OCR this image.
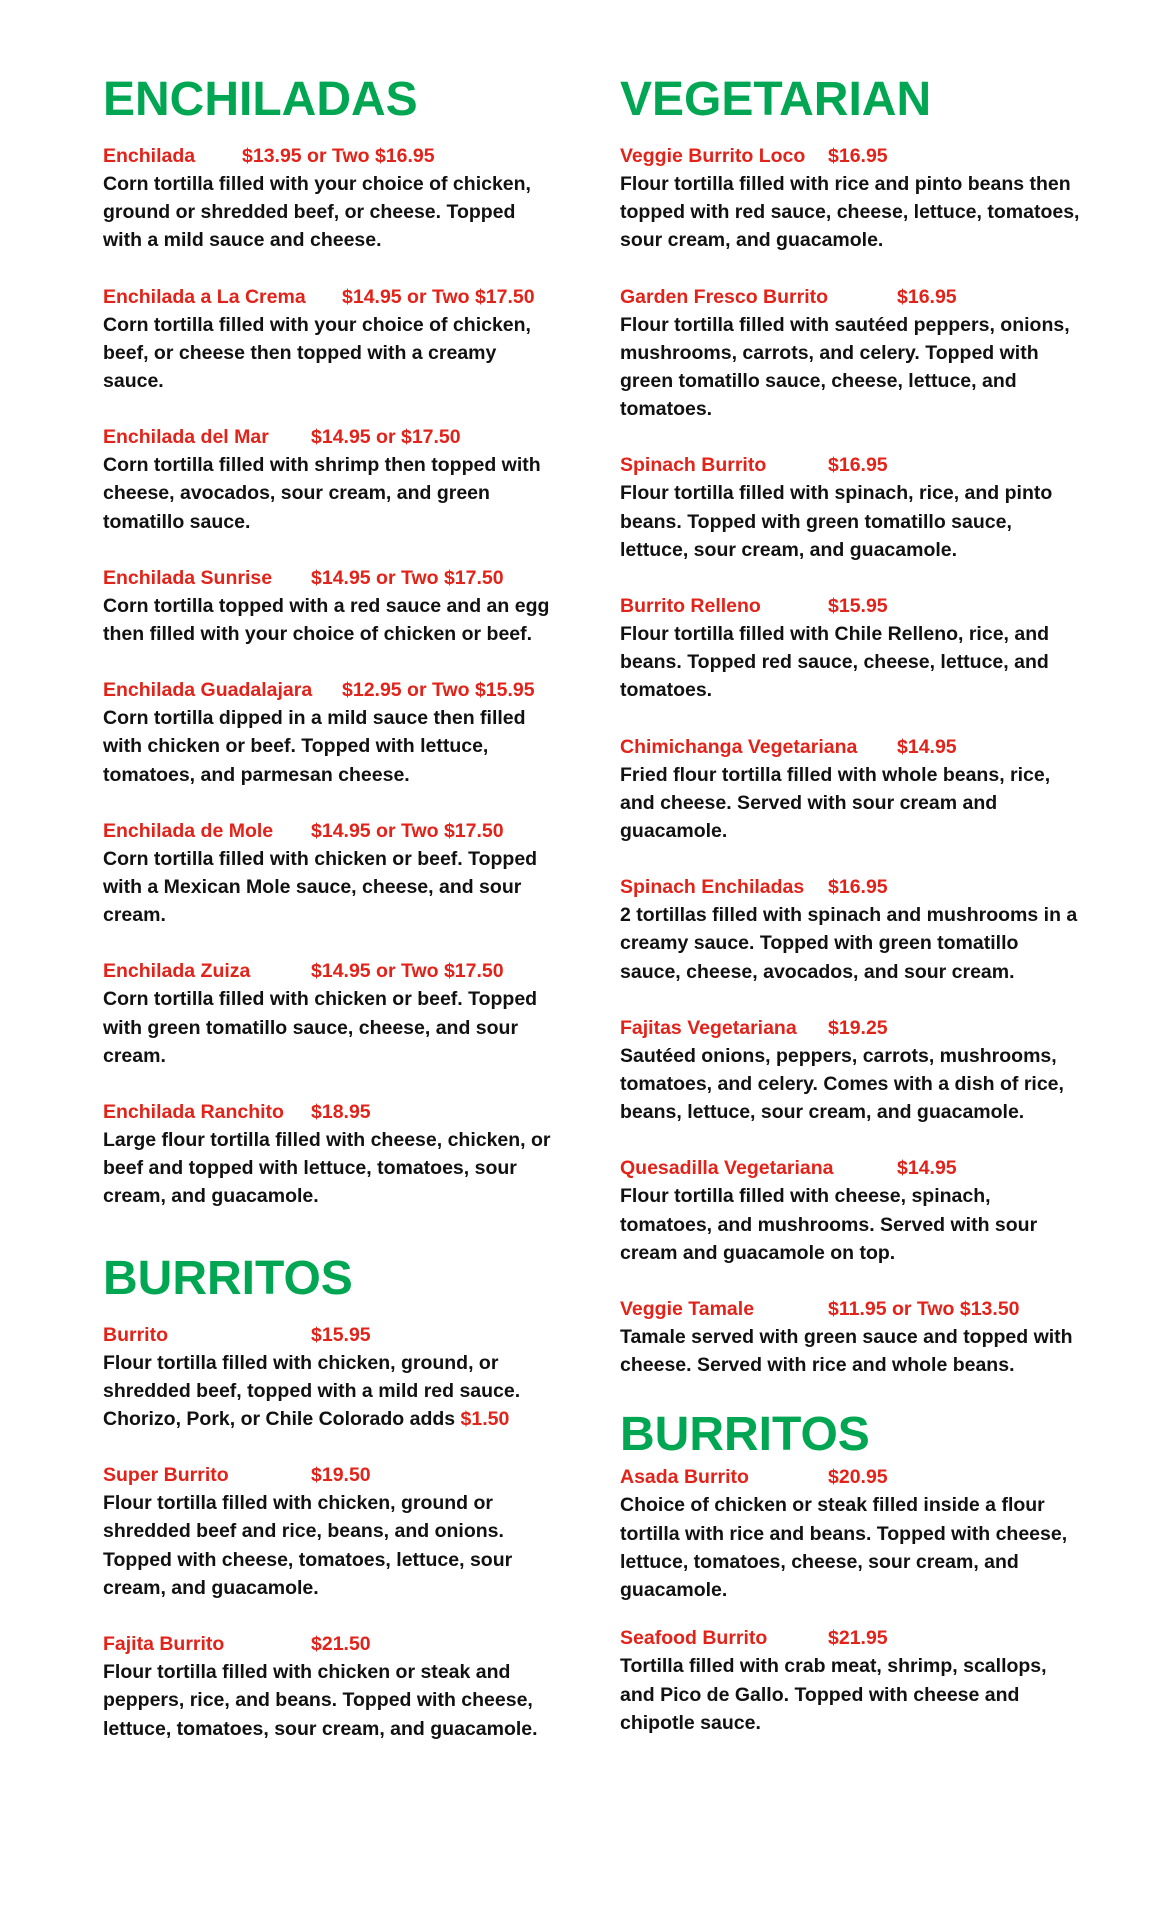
ENCHILADAS
Enchilada $13.95 or Two $16.95

Corn tortilla filled with your choice of chicken, ground or shredded beef, or cheese. Topped with a mild sauce and cheese.

Enchilada a La Crema $14.95 or Two $17.50

Corn tortilla filled with your choice of chicken, beef, or cheese then topped with a creamy sauce.

Enchilada del Mar $14.95 or $17.50

Corn tortilla filled with shrimp then topped with cheese, avocados, sour cream, and green tomatillo sauce.

Enchilada Sunrise $14.95 or Two $17.50

Corn tortilla topped with a red sauce and an egg then filled with your choice of chicken or beef.

Enchilada Guadalajara $12.95 or Two $15.95

Corn tortilla dipped in a mild sauce then filled with chicken or beef. Topped with lettuce, tomatoes, and parmesan cheese.

Enchilada de Mole $14.95 or Two $17.50

Corn tortilla filled with chicken or beef. Topped with a Mexican Mole sauce, cheese, and sour cream.

Enchilada Zuiza	$14.95 or Two $17.50

Corn tortilla filled with chicken or beef. Topped with green tomatillo sauce, cheese, and sour cream.

Enchilada Ranchito $18.95

Large flour tortilla filled with cheese, chicken, or beef and topped with lettuce, tomatoes, sour cream, and guacamole.

BURRITOS
Burrito	$15.95

Flour tortilla filled with chicken, ground, or shredded beef, topped with a mild red sauce. Chorizo, Pork, or Chile Colorado adds $1.50

Super Burrito	$19.50

Flour tortilla filled with chicken, ground or shredded beef and rice, beans, and onions. Topped with cheese, tomatoes, lettuce, sour cream, and guacamole.

Fajita Burrito	$21.50

Flour tortilla filled with chicken or steak and peppers, rice, and beans. Topped with cheese, lettuce, tomatoes, sour cream, and guacamole.

VEGETARIAN
Veggie Burrito Loco $16.95

Flour tortilla filled with rice and pinto beans then topped with red sauce, cheese, lettuce, tomatoes, sour cream, and guacamole.

Garden Fresco Burrito	$16.95

Flour tortilla filled with sautéed peppers, onions, mushrooms, carrots, and celery. Topped with green tomatillo sauce, cheese, lettuce, and tomatoes.

Spinach Burrito	$16.95

Flour tortilla filled with spinach, rice, and pinto beans. Topped with green tomatillo sauce, lettuce, sour cream, and guacamole.

Burrito Relleno	$15.95

Flour tortilla filled with Chile Relleno, rice, and beans. Topped red sauce, cheese, lettuce, and tomatoes.

Chimichanga Vegetariana $14.95

Fried flour tortilla filled with whole beans, rice, and cheese. Served with sour cream and guacamole.

Spinach Enchiladas $16.95

2 tortillas filled with spinach and mushrooms in a creamy sauce. Topped with green tomatillo sauce, cheese, avocados, and sour cream.

Fajitas Vegetariana $19.25

Sautéed onions, peppers, carrots, mushrooms, tomatoes, and celery. Comes with a dish of rice, beans, lettuce, sour cream, and guacamole.

Quesadilla Vegetariana	$14.95

Flour tortilla filled with cheese, spinach, tomatoes, and mushrooms. Served with sour cream and guacamole on top.

Veggie Tamale	$11.95 or Two $13.50

Tamale served with green sauce and topped with cheese. Served with rice and whole beans.

BURRITOS
Asada Burrito	$20.95

Choice of chicken or steak filled inside a flour tortilla with rice and beans. Topped with cheese, lettuce, tomatoes, cheese, sour cream, and guacamole.

Seafood Burrito	$21.95

Tortilla filled with crab meat, shrimp, scallops, and Pico de Gallo. Topped with cheese and chipotle sauce.
